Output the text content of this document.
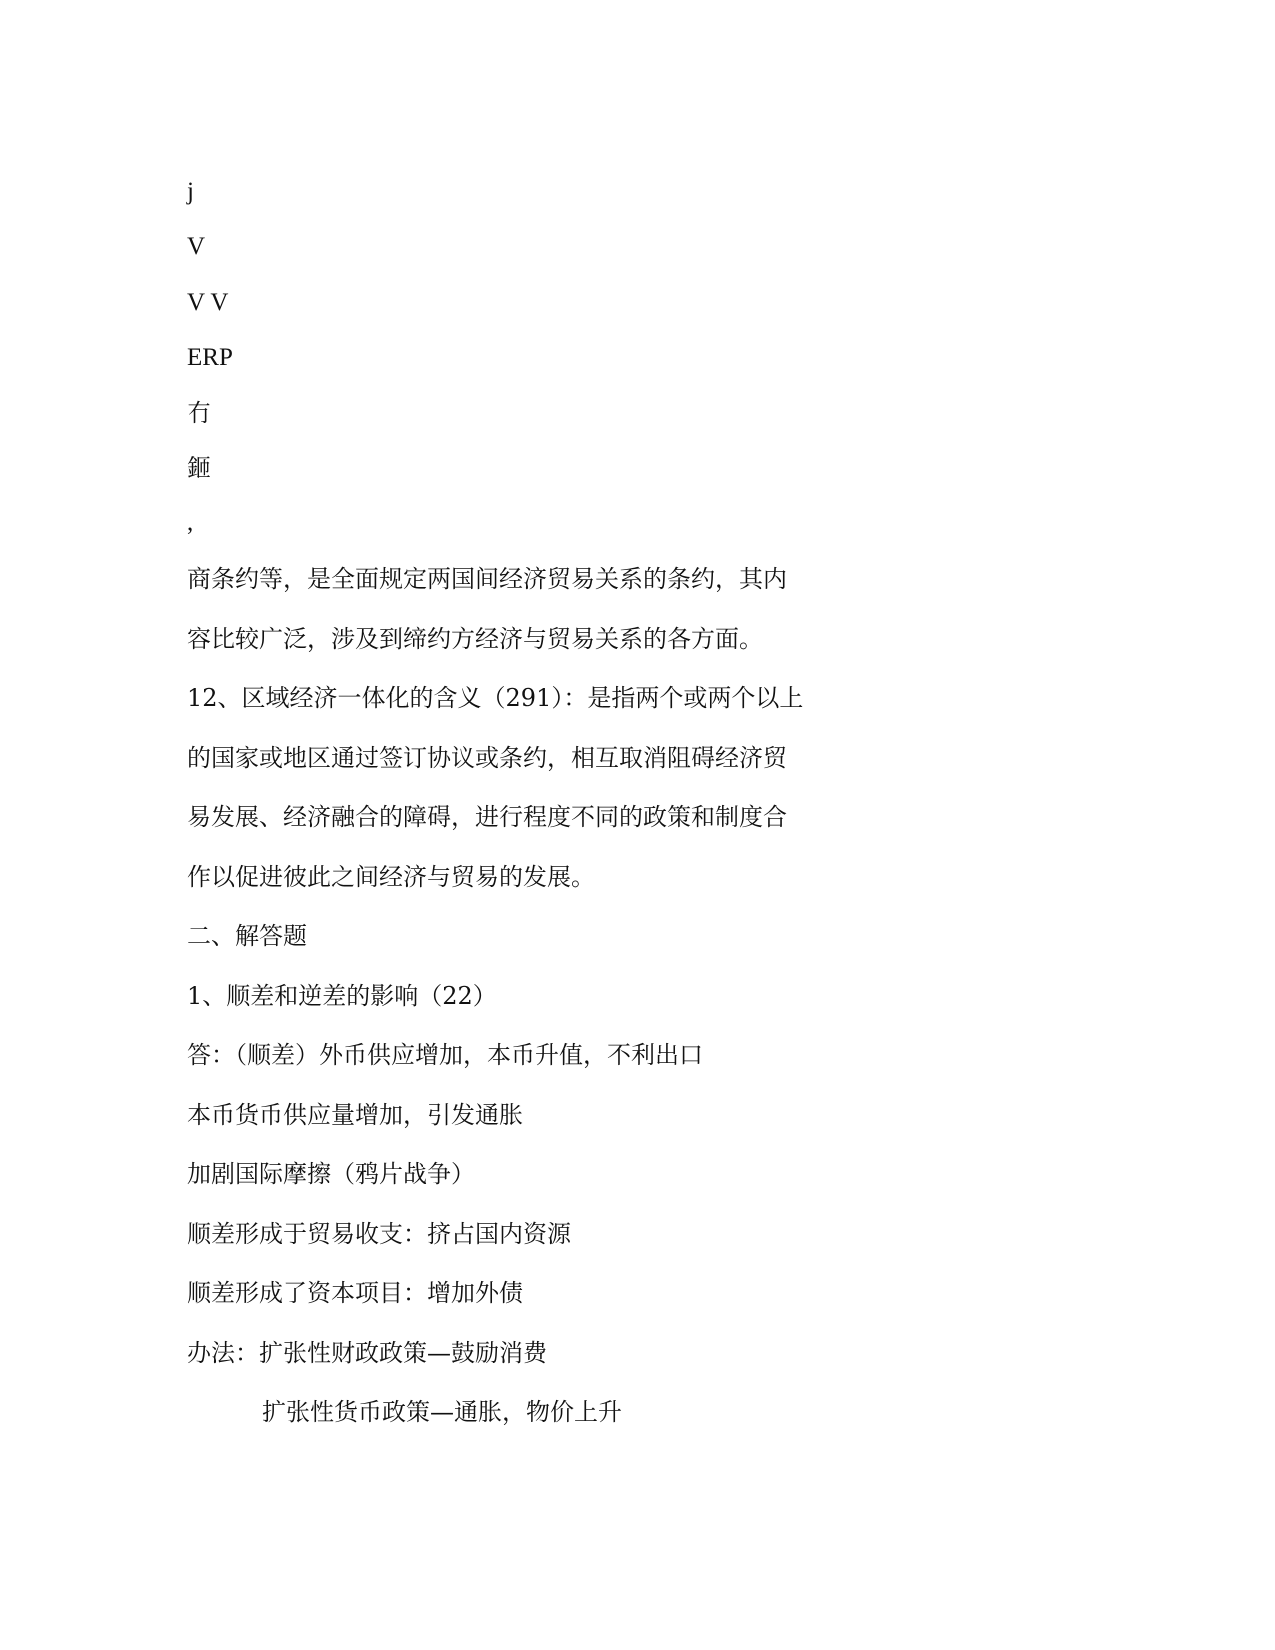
j
V
V V
ERP
冇
鉔
,
商条约等，是全面规定两国间经济贸易关系的条约，其内
容比较广泛，涉及到缔约方经济与贸易关系的各方面。
12、区域经济一体化的含义（291）：是指两个或两个以上
的国家或地区通过签订协议或条约，相互取消阻碍经济贸
易发展、经济融合的障碍，进行程度不同的政策和制度合
作以促进彼此之间经济与贸易的发展。
二、解答题
1、顺差和逆差的影响（22）
答：（顺差）外币供应增加，本币升值，不利出口
本币货币供应量增加，引发通胀
加剧国际摩擦（鸦片战争）
顺差形成于贸易收支：挤占国内资源
顺差形成了资本项目：增加外债
办法：扩张性财政政策—鼓励消费
扩张性货币政策—通胀，物价上升
